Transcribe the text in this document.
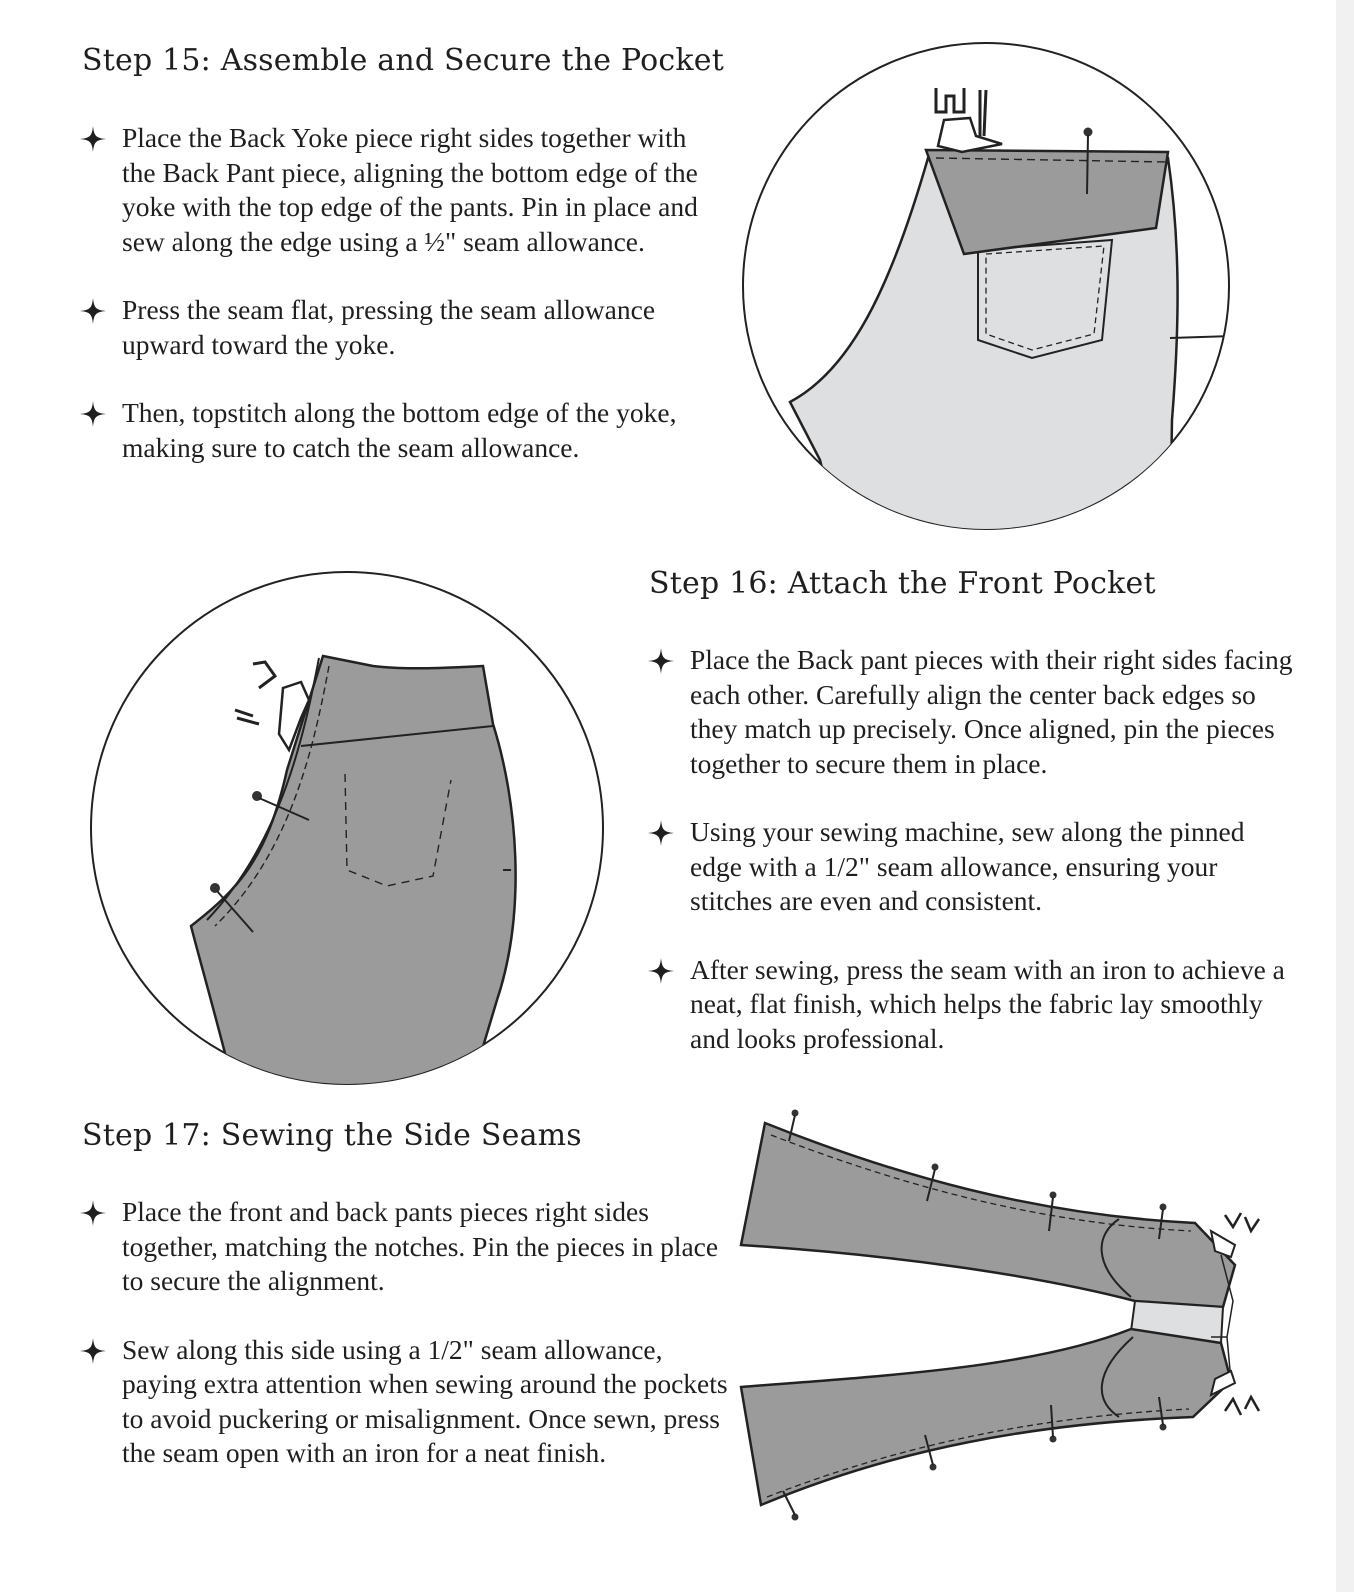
Step 15: Assemble and Secure the Pocket
Place the Back Yoke piece right sides together with the Back Pant piece, aligning the bottom edge of the yoke with the top edge of the pants. Pin in place and sew along the edge using a ½" seam allowance.
Press the seam flat, pressing the seam allowance upward toward the yoke.
Then, topstitch along the bottom edge of the yoke, making sure to catch the seam allowance.
Step 16: Attach the Front Pocket
Place the Back pant pieces with their right sides facing each other. Carefully align the center back edges so they match up precisely. Once aligned, pin the pieces together to secure them in place.
Using your sewing machine, sew along the pinned edge with a 1/2" seam allowance, ensuring your stitches are even and consistent.
After sewing, press the seam with an iron to achieve a neat, flat finish, which helps the fabric lay smoothly and looks professional.
Step 17: Sewing the Side Seams
Place the front and back pants pieces right sides together, matching the notches. Pin the pieces in place to secure the alignment.
Sew along this side using a 1/2" seam allowance, paying extra attention when sewing around the pockets to avoid puckering or misalignment. Once sewn, press the seam open with an iron for a neat finish.
